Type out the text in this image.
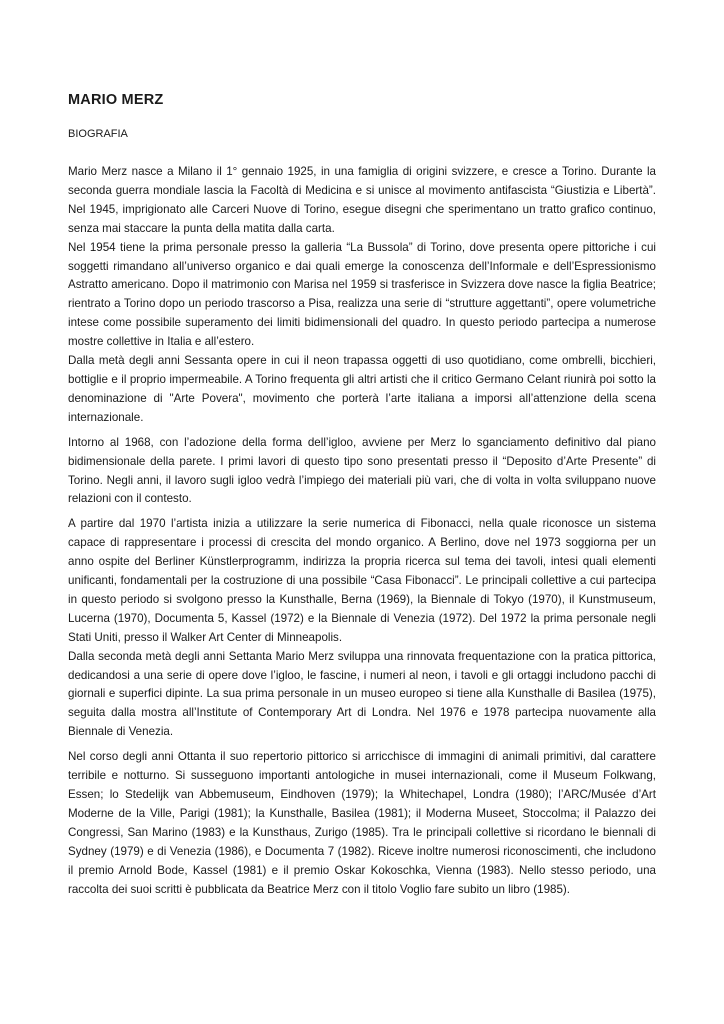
MARIO MERZ
BIOGRAFIA

Mario Merz nasce a Milano il 1° gennaio 1925, in una famiglia di origini svizzere, e cresce a Torino. Durante la seconda guerra mondiale lascia la Facoltà di Medicina e si unisce al movimento antifascista “Giustizia e Libertà”. Nel 1945, imprigionato alle Carceri Nuove di Torino, esegue disegni che sperimentano un tratto grafico continuo, senza mai staccare la punta della matita dalla carta.

Nel 1954 tiene la prima personale presso la galleria “La Bussola” di Torino, dove presenta opere pittoriche i cui soggetti rimandano all’universo organico e dai quali emerge la conoscenza dell’Informale e dell’Espressionismo Astratto americano. Dopo il matrimonio con Marisa nel 1959 si trasferisce in Svizzera dove nasce la figlia Beatrice; rientrato a Torino dopo un periodo trascorso a Pisa, realizza una serie di “strutture aggettanti”, opere volumetriche intese come possibile superamento dei limiti bidimensionali del quadro. In questo periodo partecipa a numerose mostre collettive in Italia e all’estero.

Dalla metà degli anni Sessanta opere in cui il neon trapassa oggetti di uso quotidiano, come ombrelli, bicchieri, bottiglie e il proprio impermeabile. A Torino frequenta gli altri artisti che il critico Germano Celant riunirà poi sotto la denominazione di "Arte Povera", movimento che porterà l’arte italiana a imporsi all’attenzione della scena internazionale.

Intorno al 1968, con l’adozione della forma dell’igloo, avviene per Merz lo sganciamento definitivo dal piano bidimensionale della parete. I primi lavori di questo tipo sono presentati presso il “Deposito d’Arte Presente” di Torino. Negli anni, il lavoro sugli igloo vedrà l’impiego dei materiali più vari, che di volta in volta sviluppano nuove relazioni con il contesto.

A partire dal 1970 l’artista inizia a utilizzare la serie numerica di Fibonacci, nella quale riconosce un sistema capace di rappresentare i processi di crescita del mondo organico. A Berlino, dove nel 1973 soggiorna per un anno ospite del Berliner Künstlerprogramm, indirizza la propria ricerca sul tema dei tavoli, intesi quali elementi unificanti, fondamentali per la costruzione di una possibile “Casa Fibonacci”. Le principali collettive a cui partecipa in questo periodo si svolgono presso la Kunsthalle, Berna (1969), la Biennale di Tokyo (1970), il Kunstmuseum, Lucerna (1970), Documenta 5, Kassel (1972) e la Biennale di Venezia (1972). Del 1972 la prima personale negli Stati Uniti, presso il Walker Art Center di Minneapolis.

Dalla seconda metà degli anni Settanta Mario Merz sviluppa una rinnovata frequentazione con la pratica pittorica, dedicandosi a una serie di opere dove l’igloo, le fascine, i numeri al neon, i tavoli e gli ortaggi includono pacchi di giornali e superfici dipinte. La sua prima personale in un museo europeo si tiene alla Kunsthalle di Basilea (1975), seguita dalla mostra all’Institute of Contemporary Art di Londra. Nel 1976 e 1978 partecipa nuovamente alla Biennale di Venezia.

Nel corso degli anni Ottanta il suo repertorio pittorico si arricchisce di immagini di animali primitivi, dal carattere terribile e notturno. Si susseguono importanti antologiche in musei internazionali, come il Museum Folkwang, Essen; lo Stedelijk van Abbemuseum, Eindhoven (1979); la Whitechapel, Londra (1980); l’ARC/Musée d’Art Moderne de la Ville, Parigi (1981); la Kunsthalle, Basilea (1981); il Moderna Museet, Stoccolma; il Palazzo dei Congressi, San Marino (1983) e la Kunsthaus, Zurigo (1985). Tra le principali collettive si ricordano le biennali di Sydney (1979) e di Venezia (1986), e Documenta 7 (1982). Riceve inoltre numerosi riconoscimenti, che includono il premio Arnold Bode, Kassel (1981) e il premio Oskar Kokoschka, Vienna (1983). Nello stesso periodo, una raccolta dei suoi scritti è pubblicata da Beatrice Merz con il titolo Voglio fare subito un libro (1985).
